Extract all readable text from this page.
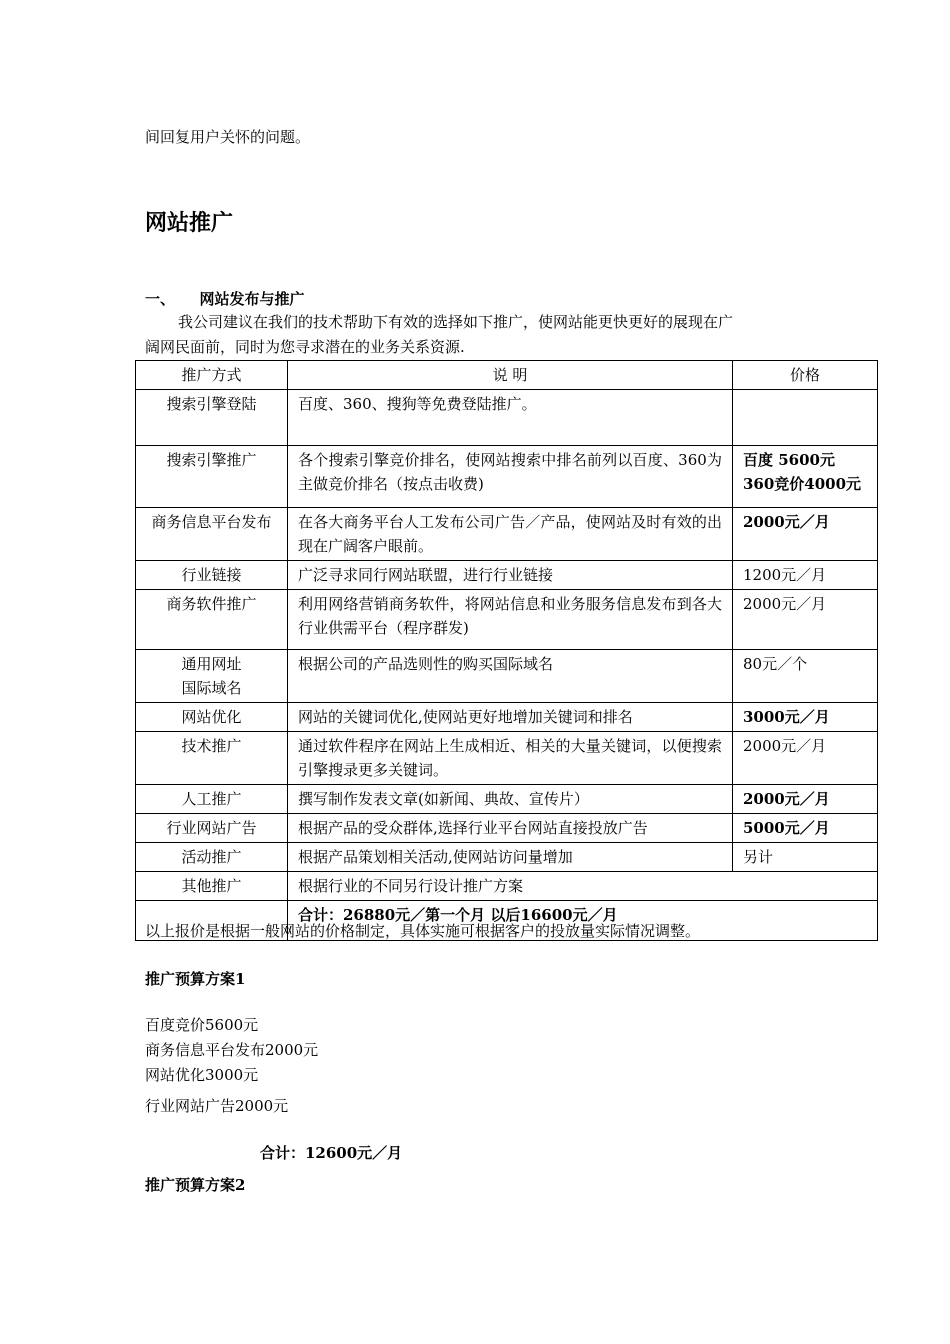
间回复用户关怀的问题。
网站推广
一、 网站发布与推广
我公司建议在我们的技术帮助下有效的选择如下推广，使网站能更快更好的展现在广
阔网民面前，同时为您寻求潜在的业务关系资源.
推广方式	说 明	价格
搜索引擎登陆	百度、360、搜狗等免费登陆推广。	
搜索引擎推广	各个搜索引擎竞价排名，使网站搜索中排名前列以百度、360为主做竞价排名（按点击收费)	百度 5600元
360竞价4000元

商务信息平台发布	在各大商务平台人工发布公司广告／产品，使网站及时有效的出现在广阔客户眼前。	2000元／月
行业链接	广泛寻求同行网站联盟，进行行业链接	1200元／月
商务软件推广	利用网络营销商务软件，将网站信息和业务服务信息发布到各大行业供需平台（程序群发)	2000元／月

通用网址
国际域名	根据公司的产品选则性的购买国际域名	80元／个
网站优化	网站的关键词优化,使网站更好地增加关键词和排名	3000元／月
技术推广	通过软件程序在网站上生成相近、相关的大量关键词，以便搜索引擎搜录更多关键词。	2000元／月
人工推广	撰写制作发表文章(如新闻、典故、宣传片）	2000元／月
行业网站广告	根据产品的受众群体,选择行业平台网站直接投放广告	5000元／月
活动推广	根据产品策划相关活动,使网站访问量增加	另计
其他推广	根据行业的不同另行设计推广方案	
	合计：26880元／第一个月 以后16600元／月	
以上报价是根据一般网站的价格制定，具体实施可根据客户的投放量实际情况调整。
推广预算方案1
百度竞价5600元
商务信息平台发布2000元
网站优化3000元
行业网站广告2000元
合计：12600元／月
推广预算方案2
